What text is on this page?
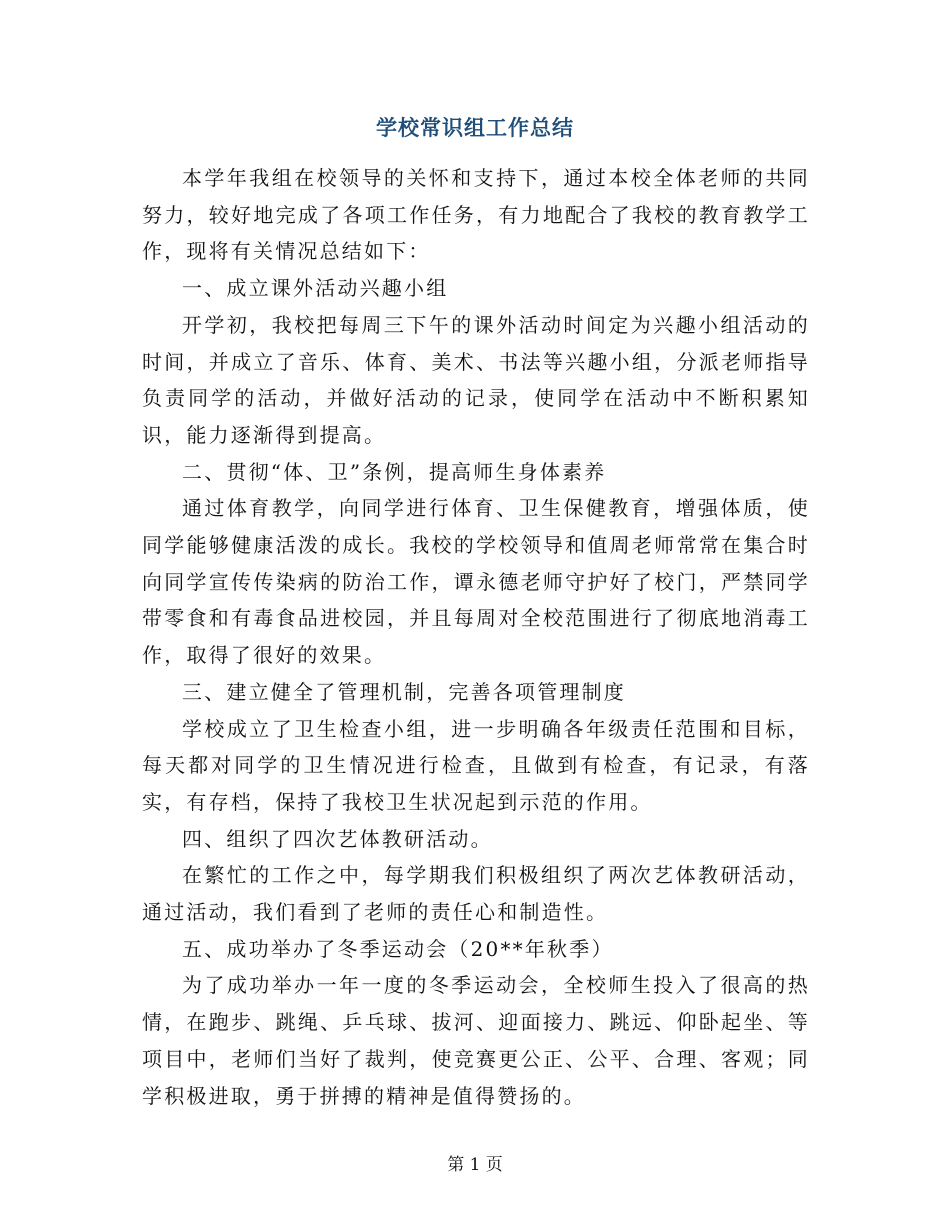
学校常识组工作总结

本学年我组在校领导的关怀和支持下，通过本校全体老师的共同努力，较好地完成了各项工作任务，有力地配合了我校的教育教学工作，现将有关情况总结如下：

一、成立课外活动兴趣小组

开学初，我校把每周三下午的课外活动时间定为兴趣小组活动的时间，并成立了音乐、体育、美术、书法等兴趣小组，分派老师指导负责同学的活动，并做好活动的记录，使同学在活动中不断积累知识，能力逐渐得到提高。

二、贯彻“体、卫”条例，提高师生身体素养

通过体育教学，向同学进行体育、卫生保健教育，增强体质，使同学能够健康活泼的成长。我校的学校领导和值周老师常常在集合时向同学宣传传染病的防治工作，谭永德老师守护好了校门，严禁同学带零食和有毒食品进校园，并且每周对全校范围进行了彻底地消毒工作，取得了很好的效果。

三、建立健全了管理机制，完善各项管理制度

学校成立了卫生检查小组，进一步明确各年级责任范围和目标，每天都对同学的卫生情况进行检查，且做到有检查，有记录，有落实，有存档，保持了我校卫生状况起到示范的作用。

四、组织了四次艺体教研活动。

在繁忙的工作之中，每学期我们积极组织了两次艺体教研活动，通过活动，我们看到了老师的责任心和制造性。

五、成功举办了冬季运动会（20**年秋季）

为了成功举办一年一度的冬季运动会，全校师生投入了很高的热情，在跑步、跳绳、乒乓球、拔河、迎面接力、跳远、仰卧起坐、等项目中，老师们当好了裁判，使竞赛更公正、公平、合理、客观；同学积极进取，勇于拼搏的精神是值得赞扬的。

第 1 页
